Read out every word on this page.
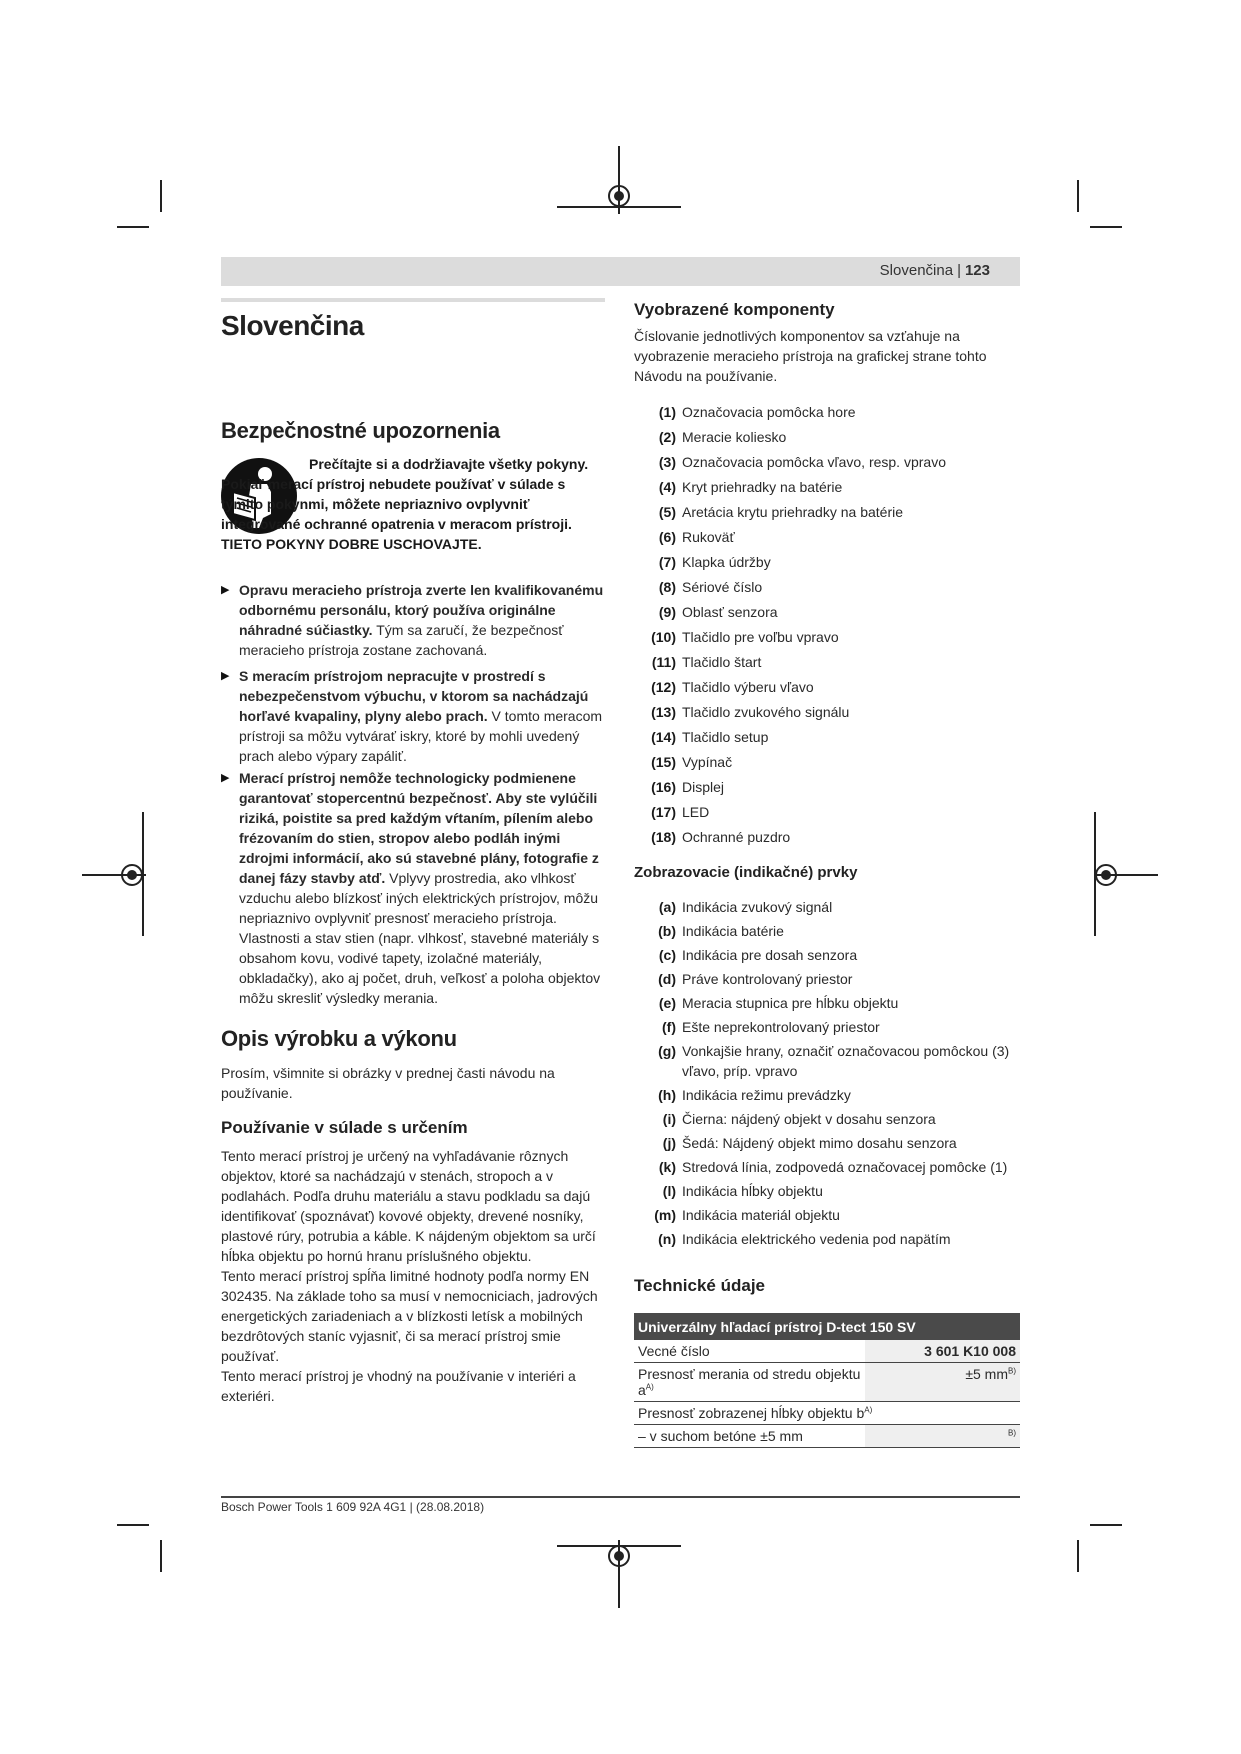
Slovenčina | 123
Slovenčina
Bezpečnostné upozornenia
Prečítajte si a dodržiavajte všetky pokyny. Pokiaľ merací prístroj nebudete používať v súlade s týmito pokynmi, môžete nepriaznivo ovplyvniť integrované ochranné opatrenia v meracom prístroji. TIETO POKYNY DOBRE USCHOVAJTE.
▶ Opravu meracieho prístroja zverte len kvalifikovanému odbornému personálu, ktorý používa originálne náhradné súčiastky. Tým sa zaručí, že bezpečnosť meracieho prístroja zostane zachovaná.
▶ S meracím prístrojom nepracujte v prostredí s nebezpečenstvom výbuchu, v ktorom sa nachádzajú horľavé kvapaliny, plyny alebo prach. V tomto meracom prístroji sa môžu vytvárať iskry, ktoré by mohli uvedený prach alebo výpary zapáliť.
▶ Merací prístroj nemôže technologicky podmienene garantovať stopercentnú bezpečnosť. Aby ste vylúčili riziká, poistite sa pred každým vŕtaním, pílením alebo frézovaním do stien, stropov alebo podláh inými zdrojmi informácií, ako sú stavebné plány, fotografie z danej fázy stavby atď. Vplyvy prostredia, ako vlhkosť vzduchu alebo blízkosť iných elektrických prístrojov, môžu nepriaznivo ovplyvniť presnosť meracieho prístroja. Vlastnosti a stav stien (napr. vlhkosť, stavebné materiály s obsahom kovu, vodivé tapety, izolačné materiály, obkladačky), ako aj počet, druh, veľkosť a poloha objektov môžu skresliť výsledky merania.
Opis výrobku a výkonu
Prosím, všimnite si obrázky v prednej časti návodu na používanie.
Používanie v súlade s určením
Tento merací prístroj je určený na vyhľadávanie rôznych objektov, ktoré sa nachádzajú v stenách, stropoch a v podlahách. Podľa druhu materiálu a stavu podkladu sa dajú identifikovať (spoznávať) kovové objekty, drevené nosníky, plastové rúry, potrubia a káble. K nájdeným objektom sa určí hĺbka objektu po hornú hranu príslušného objektu.
Tento merací prístroj spĺňa limitné hodnoty podľa normy EN 302435. Na základe toho sa musí v nemocniciach, jadrových energetických zariadeniach a v blízkosti letísk a mobilných bezdrôtových staníc vyjasniť, či sa merací prístroj smie používať.
Tento merací prístroj je vhodný na používanie v interiéri a exteriéri.
Vyobrazené komponenty
Číslovanie jednotlivých komponentov sa vzťahuje na vyobrazenie meracieho prístroja na grafickej strane tohto Návodu na používanie.
(1) Označovacia pomôcka hore
(2) Meracie koliesko
(3) Označovacia pomôcka vľavo, resp. vpravo
(4) Kryt priehradky na batérie
(5) Aretácia krytu priehradky na batérie
(6) Rukoväť
(7) Klapka údržby
(8) Sériové číslo
(9) Oblasť senzora
(10) Tlačidlo pre voľbu vpravo
(11) Tlačidlo štart
(12) Tlačidlo výberu vľavo
(13) Tlačidlo zvukového signálu
(14) Tlačidlo setup
(15) Vypínač
(16) Displej
(17) LED
(18) Ochranné puzdro
Zobrazovacie (indikačné) prvky
(a) Indikácia zvukový signál
(b) Indikácia batérie
(c) Indikácia pre dosah senzora
(d) Práve kontrolovaný priestor
(e) Meracia stupnica pre hĺbku objektu
(f) Ešte neprekontrolovaný priestor
(g) Vonkajšie hrany, označiť označovacou pomôckou (3) vľavo, príp. vpravo
(h) Indikácia režimu prevádzky
(i) Čierna: nájdený objekt v dosahu senzora
(j) Šedá: Nájdený objekt mimo dosahu senzora
(k) Stredová línia, zodpovedá označovacej pomôcke (1)
(l) Indikácia hĺbky objektu
(m) Indikácia materiál objektu
(n) Indikácia elektrického vedenia pod napätím
Technické údaje
Univerzálny hľadací prístroj D-tect 150 SV	
Vecné číslo	3 601 K10 008
Presnosť merania od stredu objektu $a^{A)}$	±5 $mm^{B)}$
Presnosť zobrazenej hĺbky objektu $b^{A)}$
– v suchom betóne ±5 mm	$^{B)}$
Bosch Power Tools 1 609 92A 4G1 | (28.08.2018)
